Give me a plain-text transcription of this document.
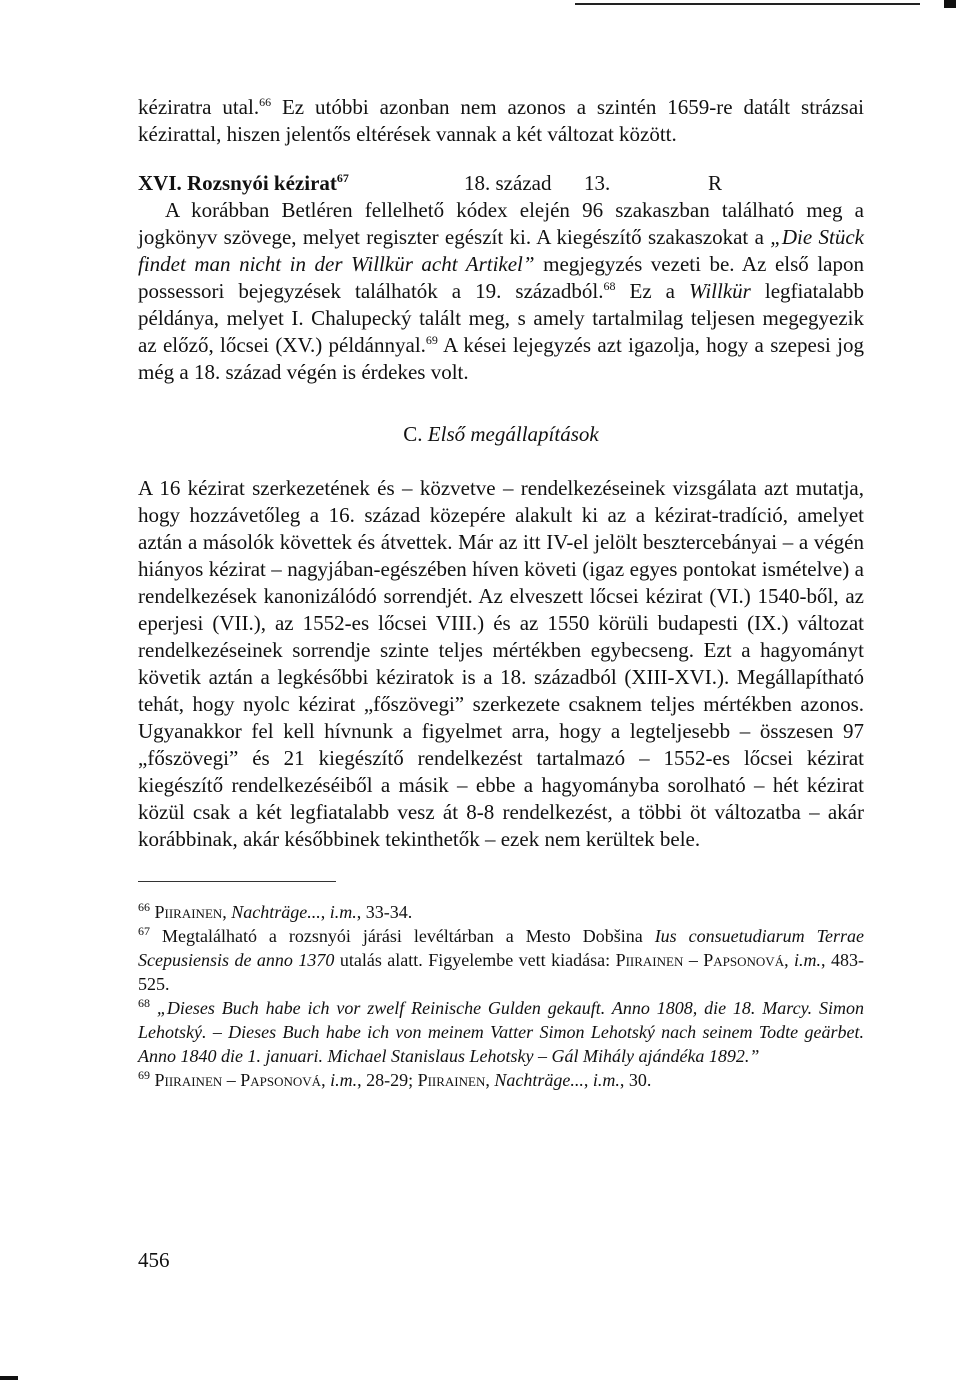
kéziratra utal.$^{66}$ Ez utóbbi azonban nem azonos a szintén 1659-re datált strázsai kézirattal, hiszen jelentős eltérések vannak a két változat között.

XVI. Rozsnyói kézirat$^{67}$	18. század	13.	R

A korábban Betléren fellelhető kódex elején 96 szakaszban található meg a jogkönyv szövege, melyet regiszter egészít ki. A kiegészítő szakaszokat a „Die Stück findet man nicht in der Willkür acht Artikel” megjegyzés vezeti be. Az első lapon possessori bejegyzések találhatók a 19. századból.$^{68}$ Ez a Willkür legfiatalabb példánya, melyet I. Chalupecký talált meg, s amely tartalmilag teljesen megegyezik az előző, lőcsei (XV.) példánnyal.$^{69}$ A kései lejegyzés azt igazolja, hogy a szepesi jog még a 18. század végén is érdekes volt.

C. Első megállapítások

A 16 kézirat szerkezetének és – közvetve – rendelkezéseinek vizsgálata azt mutatja, hogy hozzávetőleg a 16. század közepére alakult ki az a kézirat-tradíció, amelyet aztán a másolók követtek és átvettek. Már az itt IV-el jelölt besztercebányai – a végén hiányos kézirat – nagyjában-egészében híven követi (igaz egyes pontokat ismételve) a rendelkezések kanonizálódó sorrendjét. Az elveszett lőcsei kézirat (VI.) 1540-ből, az eperjesi (VII.), az 1552-es lőcsei VIII.) és az 1550 körüli budapesti (IX.) változat rendelkezéseinek sorrendje szinte teljes mértékben egybecseng. Ezt a hagyományt követik aztán a legkésőbbi kéziratok is a 18. századból (XIII-XVI.). Megállapítható tehát, hogy nyolc kézirat „főszövegi” szerkezete csaknem teljes mértékben azonos. Ugyanakkor fel kell hívnunk a figyelmet arra, hogy a legteljesebb – összesen 97 „főszövegi” és 21 kiegészítő rendelkezést tartalmazó – 1552-es lőcsei kézirat kiegészítő rendelkezéséiből a másik – ebbe a hagyományba sorolható – hét kézirat közül csak a két legfiatalabb vesz át 8-8 rendelkezést, a többi öt változatba – akár korábbinak, akár későbbinek tekinthetők – ezek nem kerültek bele.

$^{66}$ Piirainen, Nachträge..., i.m., 33-34.

$^{67}$ Megtalálható a rozsnyói járási levéltárban a Mesto Dobšina Ius consuetudiarum Terrae Scepusiensis de anno 1370 utalás alatt. Figyelembe vett kiadása: Piirainen – Papsonová, i.m., 483-525.

$^{68}$ „Dieses Buch habe ich vor zwelf Reinische Gulden gekauft. Anno 1808, die 18. Marcy. Simon Lehotský. – Dieses Buch habe ich von meinem Vatter Simon Lehotský nach seinem Todte geärbet. Anno 1840 die 1. januari. Michael Stanislaus Lehotsky – Gál Mihály ajándéka 1892.”

$^{69}$ Piirainen – Papsonová, i.m., 28-29; Piirainen, Nachträge..., i.m., 30.

456
